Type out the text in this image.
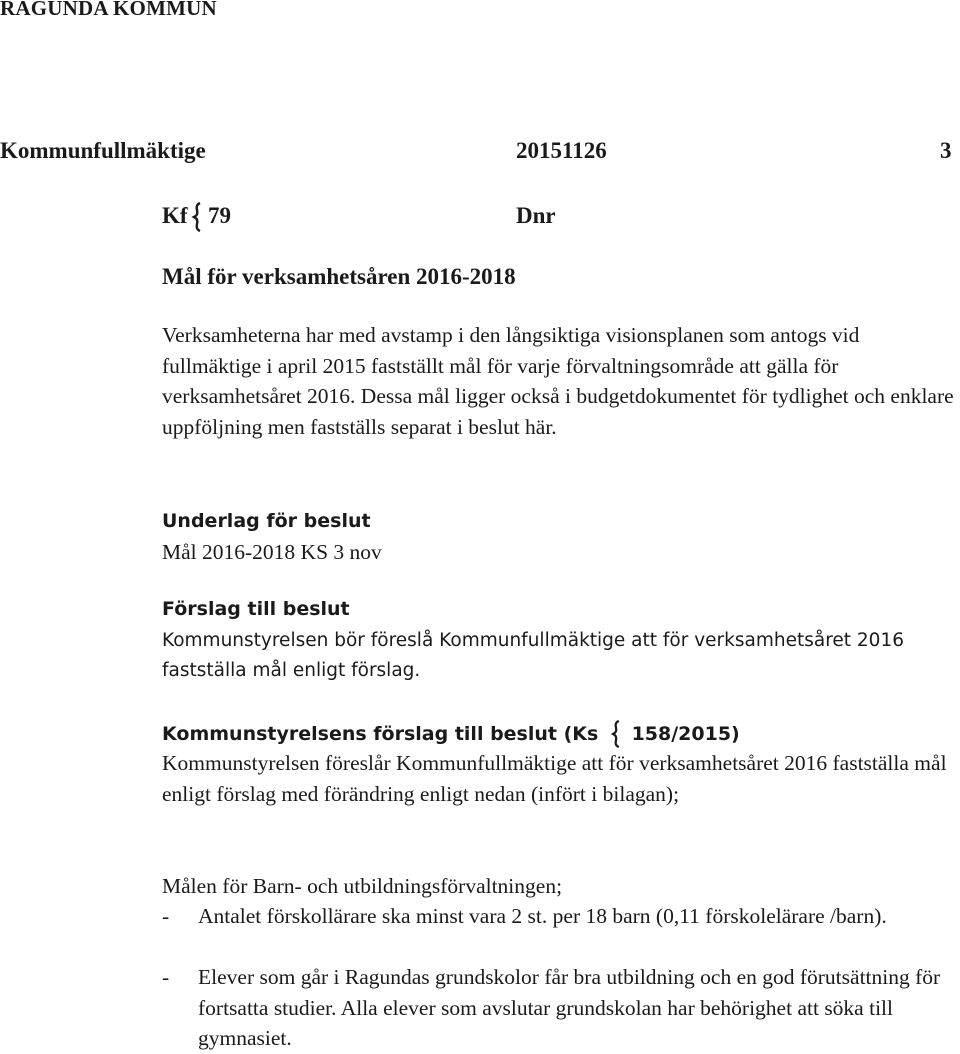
RAGUNDA KOMMUN
Kommunfullmäktige	20151126	3
Kf 79	Dnr
Mål för verksamhetsåren 2016-2018
Verksamheterna har med avstamp i den långsiktiga visionsplanen som antogs vid fullmäktige i april 2015 fastställt mål för varje förvaltningsområde att gälla för verksamhetsåret 2016. Dessa mål ligger också i budgetdokumentet för tydlighet och enklare uppföljning men fastställs separat i beslut här.
Underlag för beslut
Mål 2016-2018 KS 3 nov
Förslag till beslut
Kommunstyrelsen bör föreslå Kommunfullmäktige att för verksamhetsåret 2016 fastställa mål enligt förslag.
Kommunstyrelsens förslag till beslut (Ks 158/2015)
Kommunstyrelsen föreslår Kommunfullmäktige att för verksamhetsåret 2016 fastställa mål enligt förslag med förändring enligt nedan (infört i bilagan);
Målen för Barn- och utbildningsförvaltningen;
- Antalet förskollärare ska minst vara 2 st. per 18 barn (0,11 förskolelärare /barn).
- Elever som går i Ragundas grundskolor får bra utbildning och en god förutsättning för fortsatta studier. Alla elever som avslutar grundskolan har behörighet att söka till gymnasiet.
